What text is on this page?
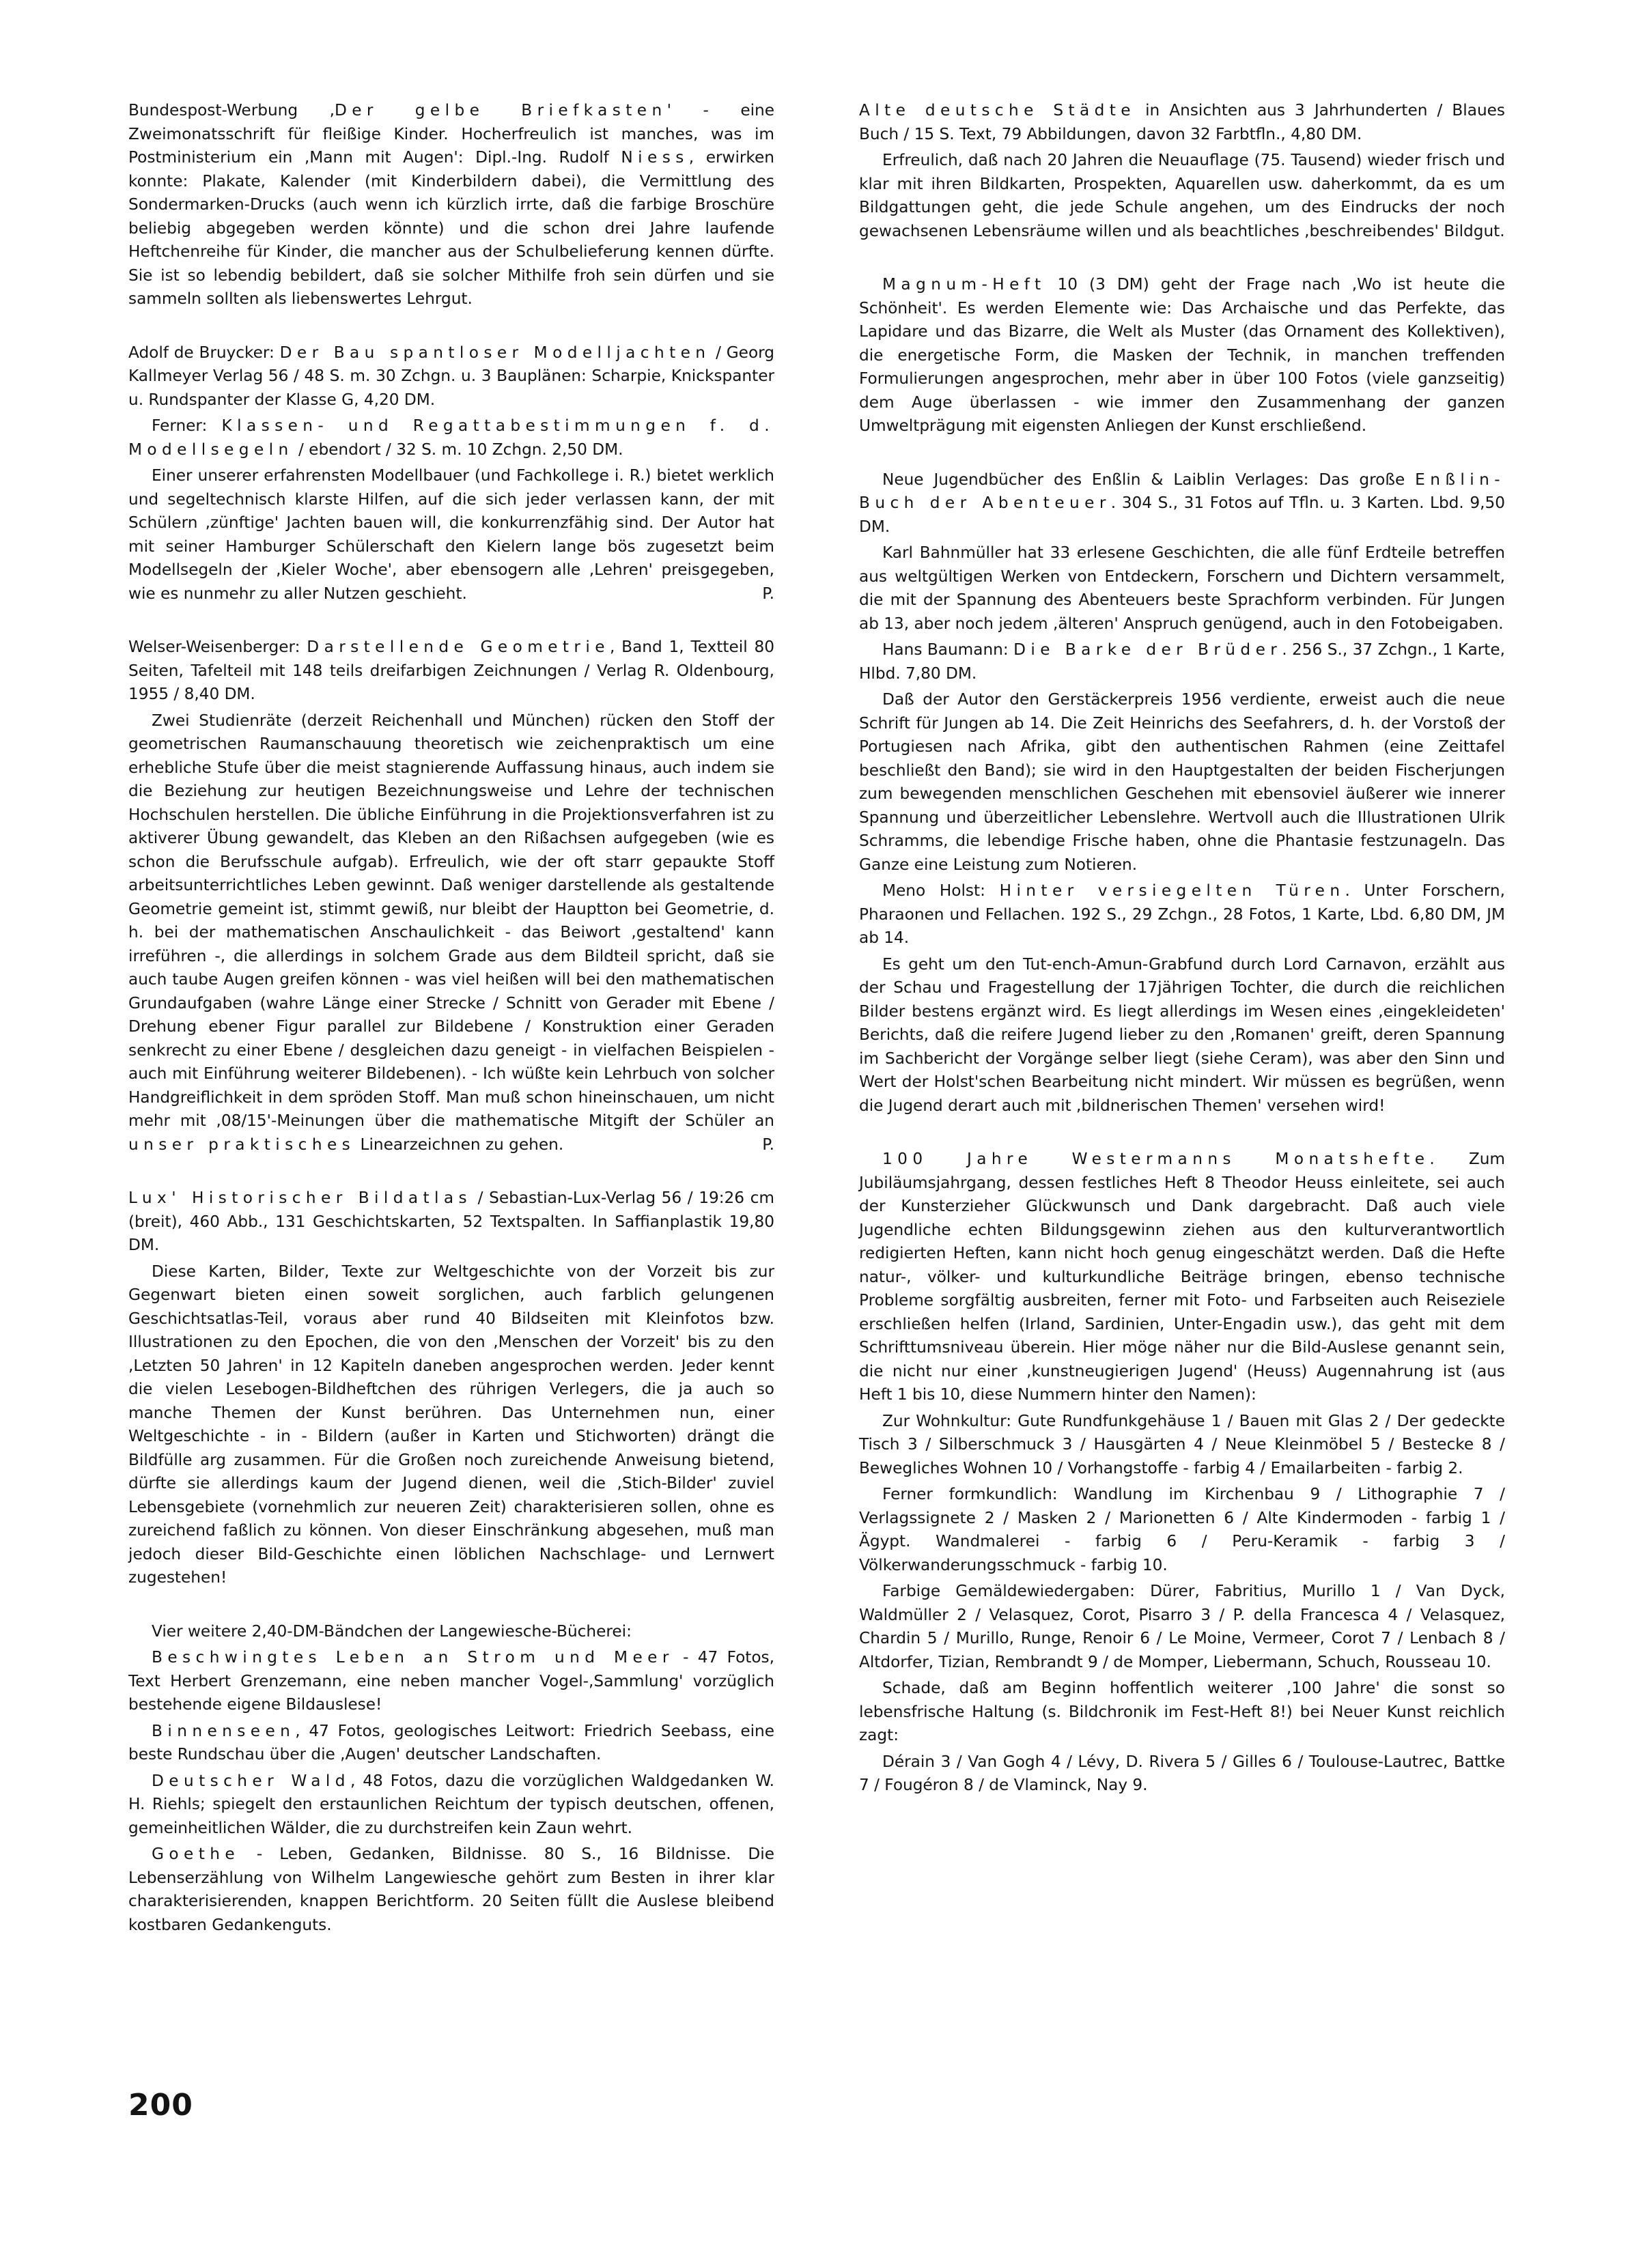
Bundespost-Werbung ,Der gelbe Briefkasten' - eine Zweimonatsschrift für fleißige Kinder. Hocherfreulich ist manches, was im Postministerium ein ,Mann mit Augen': Dipl.-Ing. Rudolf Niess, erwirken konnte: Plakate, Kalender (mit Kinderbildern dabei), die Vermittlung des Sondermarken-Drucks (auch wenn ich kürzlich irrte, daß die farbige Broschüre beliebig abgegeben werden könnte) und die schon drei Jahre laufende Heftchenreihe für Kinder, die mancher aus der Schulbelieferung kennen dürfte. Sie ist so lebendig bebildert, daß sie solcher Mithilfe froh sein dürfen und sie sammeln sollten als liebenswertes Lehrgut.

Adolf de Bruycker: Der Bau spantloser Modelljachten / Georg Kallmeyer Verlag 56 / 48 S. m. 30 Zchgn. u. 3 Bauplänen: Scharpie, Knickspanter u. Rundspanter der Klasse G, 4,20 DM.

Ferner: Klassen- und Regattabestimmungen f. d. Modellsegeln / ebendort / 32 S. m. 10 Zchgn. 2,50 DM.

Einer unserer erfahrensten Modellbauer (und Fachkollege i. R.) bietet werklich und segeltechnisch klarste Hilfen, auf die sich jeder verlassen kann, der mit Schülern ,zünftige' Jachten bauen will, die konkurrenzfähig sind. Der Autor hat mit seiner Hamburger Schülerschaft den Kielern lange bös zugesetzt beim Modellsegeln der ,Kieler Woche', aber ebensogern alle ,Lehren' preisgegeben, wie es nunmehr zu aller Nutzen geschieht.	P.

Welser-Weisenberger: Darstellende Geometrie, Band 1, Textteil 80 Seiten, Tafelteil mit 148 teils dreifarbigen Zeichnungen / Verlag R. Oldenbourg, 1955 / 8,40 DM.

Zwei Studienräte (derzeit Reichenhall und München) rücken den Stoff der geometrischen Raumanschauung theoretisch wie zeichenpraktisch um eine erhebliche Stufe über die meist stagnierende Auffassung hinaus, auch indem sie die Beziehung zur heutigen Bezeichnungsweise und Lehre der technischen Hochschulen herstellen. Die übliche Einführung in die Projektionsverfahren ist zu aktiverer Übung gewandelt, das Kleben an den Rißachsen aufgegeben (wie es schon die Berufsschule aufgab). Erfreulich, wie der oft starr gepaukte Stoff arbeitsunterrichtliches Leben gewinnt. Daß weniger darstellende als gestaltende Geometrie gemeint ist, stimmt gewiß, nur bleibt der Hauptton bei Geometrie, d. h. bei der mathematischen Anschaulichkeit - das Beiwort ,gestaltend' kann irreführen -, die allerdings in solchem Grade aus dem Bildteil spricht, daß sie auch taube Augen greifen können - was viel heißen will bei den mathematischen Grundaufgaben (wahre Länge einer Strecke / Schnitt von Gerader mit Ebene / Drehung ebener Figur parallel zur Bildebene / Konstruktion einer Geraden senkrecht zu einer Ebene / desgleichen dazu geneigt - in vielfachen Beispielen - auch mit Einführung weiterer Bildebenen). - Ich wüßte kein Lehrbuch von solcher Handgreiflichkeit in dem spröden Stoff. Man muß schon hineinschauen, um nicht mehr mit ,08/15'-Meinungen über die mathematische Mitgift der Schüler an unser praktisches Linearzeichnen zu gehen.	P.

Lux' Historischer Bildatlas / Sebastian-Lux-Verlag 56 / 19:26 cm (breit), 460 Abb., 131 Geschichtskarten, 52 Textspalten. In Saffianplastik 19,80 DM.

Diese Karten, Bilder, Texte zur Weltgeschichte von der Vorzeit bis zur Gegenwart bieten einen soweit sorglichen, auch farblich gelungenen Geschichtsatlas-Teil, voraus aber rund 40 Bildseiten mit Kleinfotos bzw. Illustrationen zu den Epochen, die von den ,Menschen der Vorzeit' bis zu den ,Letzten 50 Jahren' in 12 Kapiteln daneben angesprochen werden. Jeder kennt die vielen Lesebogen-Bildheftchen des rührigen Verlegers, die ja auch so manche Themen der Kunst berühren. Das Unternehmen nun, einer Weltgeschichte - in - Bildern (außer in Karten und Stichworten) drängt die Bildfülle arg zusammen. Für die Großen noch zureichende Anweisung bietend, dürfte sie allerdings kaum der Jugend dienen, weil die ,Stich-Bilder' zuviel Lebensgebiete (vornehmlich zur neueren Zeit) charakterisieren sollen, ohne es zureichend faßlich zu können. Von dieser Einschränkung abgesehen, muß man jedoch dieser Bild-Geschichte einen löblichen Nachschlage- und Lernwert zugestehen!

Vier weitere 2,40-DM-Bändchen der Langewiesche-Bücherei:

Beschwingtes Leben an Strom und Meer - 47 Fotos, Text Herbert Grenzemann, eine neben mancher Vogel-,Sammlung' vorzüglich bestehende eigene Bildauslese!

Binnenseen, 47 Fotos, geologisches Leitwort: Friedrich Seebass, eine beste Rundschau über die ,Augen' deutscher Landschaften.

Deutscher Wald, 48 Fotos, dazu die vorzüglichen Waldgedanken W. H. Riehls; spiegelt den erstaunlichen Reichtum der typisch deutschen, offenen, gemeinheitlichen Wälder, die zu durchstreifen kein Zaun wehrt.

Goethe - Leben, Gedanken, Bildnisse. 80 S., 16 Bildnisse. Die Lebenserzählung von Wilhelm Langewiesche gehört zum Besten in ihrer klar charakterisierenden, knappen Berichtform. 20 Seiten füllt die Auslese bleibend kostbaren Gedankenguts.

Alte deutsche Städte in Ansichten aus 3 Jahrhunderten / Blaues Buch / 15 S. Text, 79 Abbildungen, davon 32 Farbtfln., 4,80 DM.

Erfreulich, daß nach 20 Jahren die Neuauflage (75. Tausend) wieder frisch und klar mit ihren Bildkarten, Prospekten, Aquarellen usw. daherkommt, da es um Bildgattungen geht, die jede Schule angehen, um des Eindrucks der noch gewachsenen Lebensräume willen und als beachtliches ,beschreibendes' Bildgut.

Magnum-Heft 10 (3 DM) geht der Frage nach ,Wo ist heute die Schönheit'. Es werden Elemente wie: Das Archaische und das Perfekte, das Lapidare und das Bizarre, die Welt als Muster (das Ornament des Kollektiven), die energetische Form, die Masken der Technik, in manchen treffenden Formulierungen angesprochen, mehr aber in über 100 Fotos (viele ganzseitig) dem Auge überlassen - wie immer den Zusammenhang der ganzen Umweltprägung mit eigensten Anliegen der Kunst erschließend.

Neue Jugendbücher des Enßlin & Laiblin Verlages: Das große Enßlin-Buch der Abenteuer. 304 S., 31 Fotos auf Tfln. u. 3 Karten. Lbd. 9,50 DM.

Karl Bahnmüller hat 33 erlesene Geschichten, die alle fünf Erdteile betreffen aus weltgültigen Werken von Entdeckern, Forschern und Dichtern versammelt, die mit der Spannung des Abenteuers beste Sprachform verbinden. Für Jungen ab 13, aber noch jedem ,älteren' Anspruch genügend, auch in den Fotobeigaben.

Hans Baumann: Die Barke der Brüder. 256 S., 37 Zchgn., 1 Karte, Hlbd. 7,80 DM.

Daß der Autor den Gerstäckerpreis 1956 verdiente, erweist auch die neue Schrift für Jungen ab 14. Die Zeit Heinrichs des Seefahrers, d. h. der Vorstoß der Portugiesen nach Afrika, gibt den authentischen Rahmen (eine Zeittafel beschließt den Band); sie wird in den Hauptgestalten der beiden Fischerjungen zum bewegenden menschlichen Geschehen mit ebensoviel äußerer wie innerer Spannung und überzeitlicher Lebenslehre. Wertvoll auch die Illustrationen Ulrik Schramms, die lebendige Frische haben, ohne die Phantasie festzunageln. Das Ganze eine Leistung zum Notieren.

Meno Holst: Hinter versiegelten Türen. Unter Forschern, Pharaonen und Fellachen. 192 S., 29 Zchgn., 28 Fotos, 1 Karte, Lbd. 6,80 DM, JM ab 14.

Es geht um den Tut-ench-Amun-Grabfund durch Lord Carnavon, erzählt aus der Schau und Fragestellung der 17jährigen Tochter, die durch die reichlichen Bilder bestens ergänzt wird. Es liegt allerdings im Wesen eines ,eingekleideten' Berichts, daß die reifere Jugend lieber zu den ,Romanen' greift, deren Spannung im Sachbericht der Vorgänge selber liegt (siehe Ceram), was aber den Sinn und Wert der Holst'schen Bearbeitung nicht mindert. Wir müssen es begrüßen, wenn die Jugend derart auch mit ,bildnerischen Themen' versehen wird!

100 Jahre Westermanns Monatshefte. Zum Jubiläumsjahrgang, dessen festliches Heft 8 Theodor Heuss einleitete, sei auch der Kunsterzieher Glückwunsch und Dank dargebracht. Daß auch viele Jugendliche echten Bildungsgewinn ziehen aus den kulturverantwortlich redigierten Heften, kann nicht hoch genug eingeschätzt werden. Daß die Hefte natur-, völker- und kulturkundliche Beiträge bringen, ebenso technische Probleme sorgfältig ausbreiten, ferner mit Foto- und Farbseiten auch Reiseziele erschließen helfen (Irland, Sardinien, Unter-Engadin usw.), das geht mit dem Schrifttumsniveau überein. Hier möge näher nur die Bild-Auslese genannt sein, die nicht nur einer ,kunstneugierigen Jugend' (Heuss) Augennahrung ist (aus Heft 1 bis 10, diese Nummern hinter den Namen):

Zur Wohnkultur: Gute Rundfunkgehäuse 1 / Bauen mit Glas 2 / Der gedeckte Tisch 3 / Silberschmuck 3 / Hausgärten 4 / Neue Kleinmöbel 5 / Bestecke 8 / Bewegliches Wohnen 10 / Vorhangstoffe - farbig 4 / Emailarbeiten - farbig 2.

Ferner formkundlich: Wandlung im Kirchenbau 9 / Lithographie 7 / Verlagssignete 2 / Masken 2 / Marionetten 6 / Alte Kindermoden - farbig 1 / Ägypt. Wandmalerei - farbig 6 / Peru-Keramik - farbig 3 / Völkerwanderungsschmuck - farbig 10.

Farbige Gemäldewiedergaben: Dürer, Fabritius, Murillo 1 / Van Dyck, Waldmüller 2 / Velasquez, Corot, Pisarro 3 / P. della Francesca 4 / Velasquez, Chardin 5 / Murillo, Runge, Renoir 6 / Le Moine, Vermeer, Corot 7 / Lenbach 8 / Altdorfer, Tizian, Rembrandt 9 / de Momper, Liebermann, Schuch, Rousseau 10.

Schade, daß am Beginn hoffentlich weiterer ,100 Jahre' die sonst so lebensfrische Haltung (s. Bildchronik im Fest-Heft 8!) bei Neuer Kunst reichlich zagt:

Dérain 3 / Van Gogh 4 / Lévy, D. Rivera 5 / Gilles 6 / Toulouse-Lautrec, Battke 7 / Fougéron 8 / de Vlaminck, Nay 9.

200
